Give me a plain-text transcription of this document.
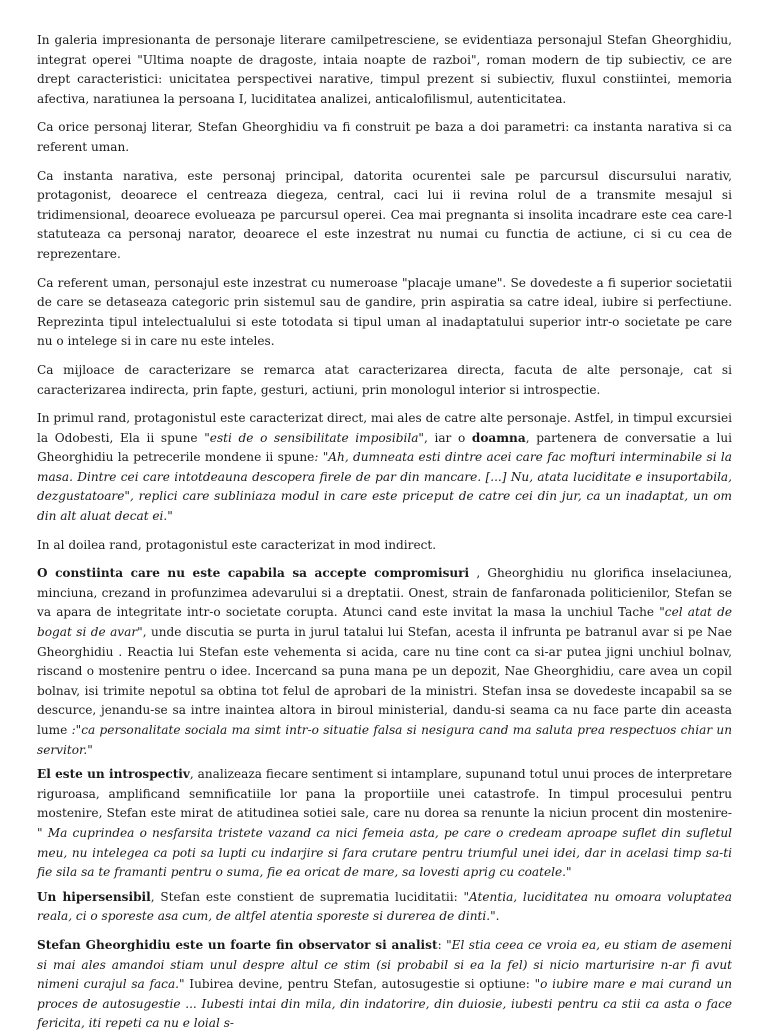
In galeria impresionanta de personaje literare camilpetresciene, se evidentiaza personajul Stefan Gheorghidiu, integrat operei "Ultima noapte de dragoste, intaia noapte de razboi", roman modern de tip subiectiv, ce are drept caracteristici: unicitatea perspectivei narative, timpul prezent si subiectiv, fluxul constiintei, memoria afectiva, naratiunea la persoana I, luciditatea analizei, anticalofilismul, autenticitatea.

Ca orice personaj literar, Stefan Gheorghidiu va fi construit pe baza a doi parametri: ca instanta narativa si ca referent uman.

Ca instanta narativa, este personaj principal, datorita ocurentei sale pe parcursul discursului narativ, protagonist, deoarece el centreaza diegeza, central, caci lui ii revina rolul de a transmite mesajul si tridimensional, deoarece evolueaza pe parcursul operei. Cea mai pregnanta si insolita incadrare este cea care-l statuteaza ca personaj narator, deoarece el este inzestrat nu numai cu functia de actiune, ci si cu cea de reprezentare.

Ca referent uman, personajul este inzestrat cu numeroase "placaje umane". Se dovedeste a fi superior societatii de care se detaseaza categoric prin sistemul sau de gandire, prin aspiratia sa catre ideal, iubire si perfectiune. Reprezinta tipul intelectualului si este totodata si tipul uman al inadaptatului superior intr-o societate pe care nu o intelege si in care nu este inteles.

Ca mijloace de caracterizare se remarca atat caracterizarea directa, facuta de alte personaje, cat si caracterizarea indirecta, prin fapte, gesturi, actiuni, prin monologul interior si introspectie.

In primul rand, protagonistul este caracterizat direct, mai ales de catre alte personaje. Astfel, in timpul excursiei la Odobesti, Ela ii spune "esti de o sensibilitate imposibila", iar o doamna, partenera de conversatie a lui Gheorghidiu la petrecerile mondene ii spune: "Ah, dumneata esti dintre acei care fac mofturi interminabile si la masa. Dintre cei care intotdeauna descopera firele de par din mancare. [...] Nu, atata luciditate e insuportabila, dezgustatoare", replici care subliniaza modul in care este priceput de catre cei din jur, ca un inadaptat, un om din alt aluat decat ei."

In al doilea rand, protagonistul este caracterizat in mod indirect.

O constiinta care nu este capabila sa accepte compromisuri , Gheorghidiu nu glorifica inselaciunea, minciuna, crezand in profunzimea adevarului si a dreptatii. Onest, strain de fanfaronada politicienilor, Stefan se va apara de integritate intr-o societate corupta. Atunci cand este invitat la masa la unchiul Tache "cel atat de bogat si de avar", unde discutia se purta in jurul tatalui lui Stefan, acesta il infrunta pe batranul avar si pe Nae Gheorghidiu . Reactia lui Stefan este vehementa si acida, care nu tine cont ca si-ar putea jigni unchiul bolnav, riscand o mostenire pentru o idee. Incercand sa puna mana pe un depozit, Nae Gheorghidiu, care avea un copil bolnav, isi trimite nepotul sa obtina tot felul de aprobari de la ministri. Stefan insa se dovedeste incapabil sa se descurce, jenandu-se sa intre inaintea altora in biroul ministerial, dandu-si seama ca nu face parte din aceasta lume :"ca personalitate sociala ma simt intr-o situatie falsa si nesigura cand ma saluta prea respectuos chiar un servitor."

El este un introspectiv, analizeaza fiecare sentiment si intamplare, supunand totul unui proces de interpretare riguroasa, amplificand semnificatiile lor pana la proportiile unei catastrofe. In timpul procesului pentru mostenire, Stefan este mirat de atitudinea sotiei sale, care nu dorea sa renunte la niciun procent din mostenire- " Ma cuprindea o nesfarsita tristete vazand ca nici femeia asta, pe care o credeam aproape suflet din sufletul meu, nu intelegea ca poti sa lupti cu indarjire si fara crutare pentru triumful unei idei, dar in acelasi timp sa-ti fie sila sa te framanti pentru o suma, fie ea oricat de mare, sa lovesti aprig cu coatele."

Un hipersensibil, Stefan este constient de suprematia luciditatii: "Atentia, luciditatea nu omoara voluptatea reala, ci o sporeste asa cum, de altfel atentia sporeste si durerea de dinti.".

Stefan Gheorghidiu este un foarte fin observator si analist: "El stia ceea ce vroia ea, eu stiam de asemeni si mai ales amandoi stiam unul despre altul ce stim (si probabil si ea la fel) si nicio marturisire n-ar fi avut nimeni curajul sa faca." Iubirea devine, pentru Stefan, autosugestie si optiune: "o iubire mare e mai curand un proces de autosugestie ... Iubesti intai din mila, din indatorire, din duiosie, iubesti pentru ca stii ca asta o face fericita, iti repeti ca nu e loial s-
